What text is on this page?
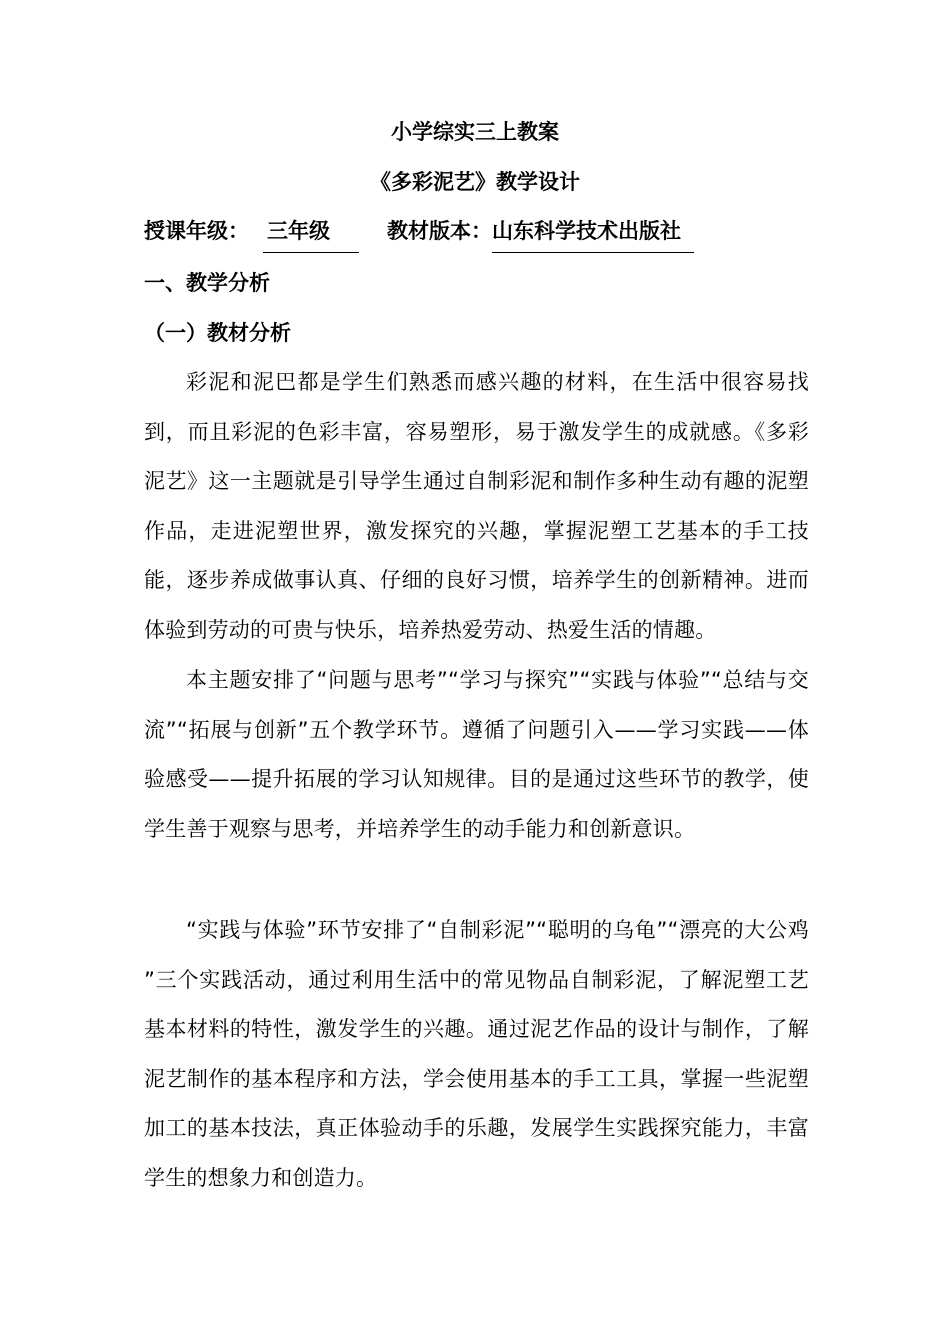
小学综实三上教案
《多彩泥艺》教学设计
授课年级： 三年级	教材版本：山东科学技术出版社
一、教学分析
（一）教材分析

彩泥和泥巴都是学生们熟悉而感兴趣的材料，在生活中很容易找到，而且彩泥的色彩丰富，容易塑形，易于激发学生的成就感。《多彩泥艺》这一主题就是引导学生通过自制彩泥和制作多种生动有趣的泥塑作品，走进泥塑世界，激发探究的兴趣，掌握泥塑工艺基本的手工技能，逐步养成做事认真、仔细的良好习惯，培养学生的创新精神。进而体验到劳动的可贵与快乐，培养热爱劳动、热爱生活的情趣。

本主题安排了“问题与思考”“学习与探究”“实践与体验”“总结与交流”“拓展与创新”五个教学环节。遵循了问题引入——学习实践——体验感受——提升拓展的学习认知规律。目的是通过这些环节的教学，使学生善于观察与思考，并培养学生的动手能力和创新意识。

“实践与体验”环节安排了“自制彩泥”“聪明的乌龟”“漂亮的大公鸡 ”三个实践活动，通过利用生活中的常见物品自制彩泥，了解泥塑工艺基本材料的特性，激发学生的兴趣。通过泥艺作品的设计与制作，了解泥艺制作的基本程序和方法，学会使用基本的手工工具，掌握一些泥塑加工的基本技法，真正体验动手的乐趣，发展学生实践探究能力，丰富学生的想象力和创造力。
